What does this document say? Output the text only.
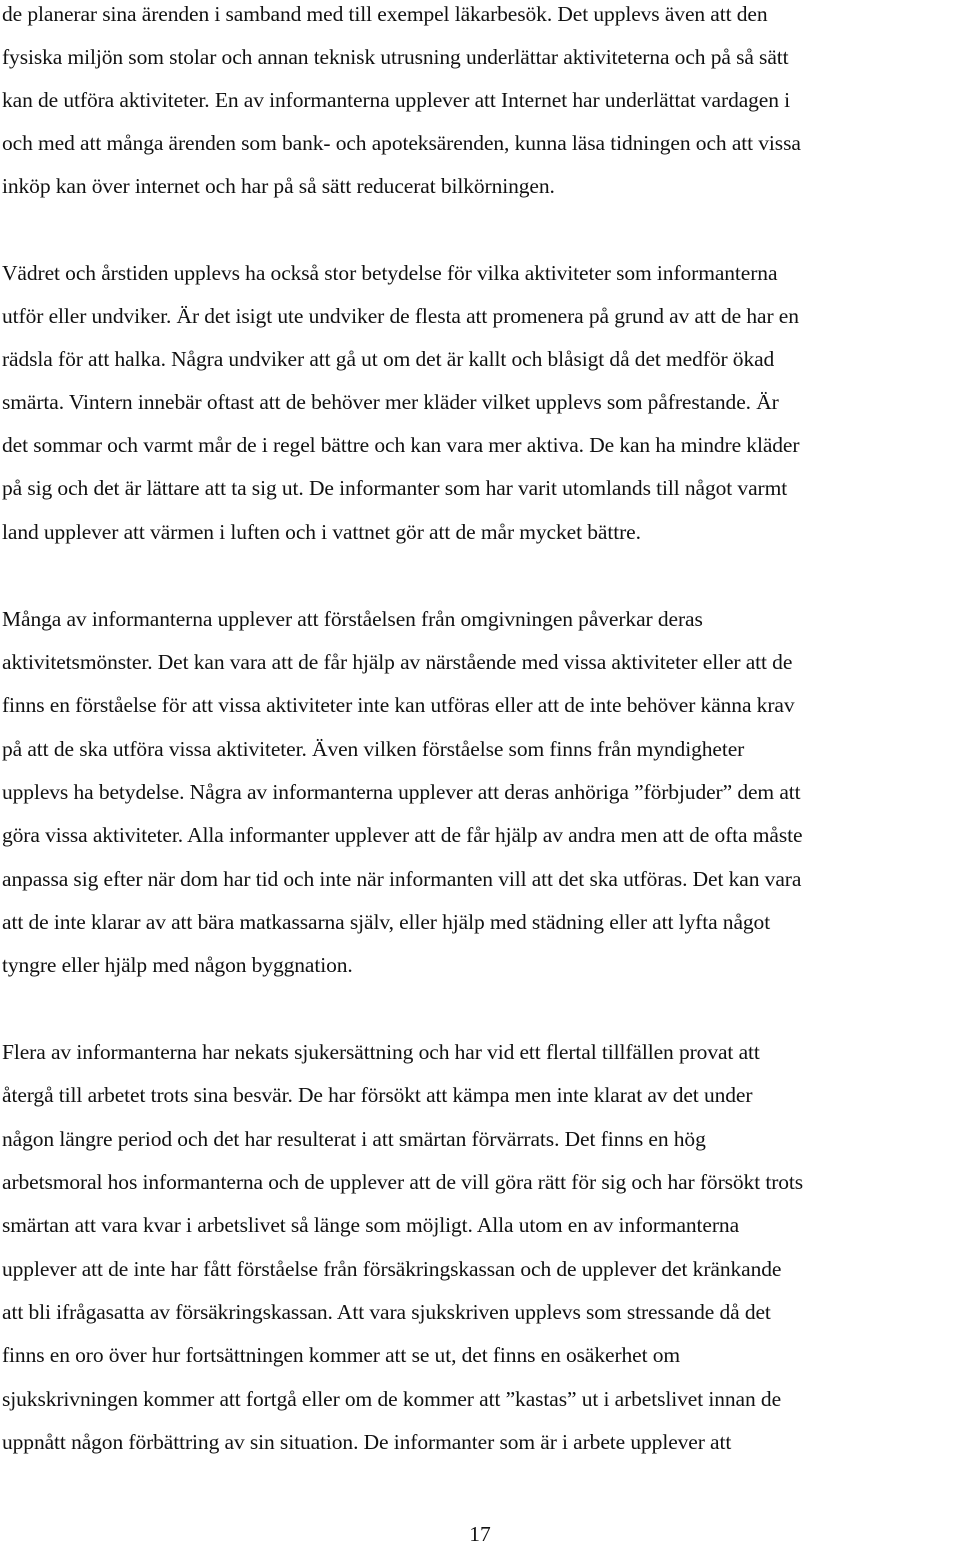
de planerar sina ärenden i samband med till exempel läkarbesök. Det upplevs även att den

fysiska miljön som stolar och annan teknisk utrusning underlättar aktiviteterna och på så sätt

kan de utföra aktiviteter. En av informanterna upplever att Internet har underlättat vardagen i

och med att många ärenden som bank- och apoteksärenden, kunna läsa tidningen och att vissa

inköp kan över internet och har på så sätt reducerat bilkörningen.

Vädret och årstiden upplevs ha också stor betydelse för vilka aktiviteter som informanterna

utför eller undviker. Är det isigt ute undviker de flesta att promenera på grund av att de har en

rädsla för att halka. Några undviker att gå ut om det är kallt och blåsigt då det medför ökad

smärta. Vintern innebär oftast att de behöver mer kläder vilket upplevs som påfrestande. Är

det sommar och varmt mår de i regel bättre och kan vara mer aktiva. De kan ha mindre kläder

på sig och det är lättare att ta sig ut. De informanter som har varit utomlands till något varmt

land upplever att värmen i luften och i vattnet gör att de mår mycket bättre.

Många av informanterna upplever att förståelsen från omgivningen påverkar deras

aktivitetsmönster. Det kan vara att de får hjälp av närstående med vissa aktiviteter eller att de

finns en förståelse för att vissa aktiviteter inte kan utföras eller att de inte behöver känna krav

på att de ska utföra vissa aktiviteter. Även vilken förståelse som finns från myndigheter

upplevs ha betydelse. Några av informanterna upplever att deras anhöriga ”förbjuder” dem att

göra vissa aktiviteter. Alla informanter upplever att de får hjälp av andra men att de ofta måste

anpassa sig efter när dom har tid och inte när informanten vill att det ska utföras. Det kan vara

att de inte klarar av att bära matkassarna själv, eller hjälp med städning eller att lyfta något

tyngre eller hjälp med någon byggnation.

Flera av informanterna har nekats sjukersättning och har vid ett flertal tillfällen provat att

återgå till arbetet trots sina besvär. De har försökt att kämpa men inte klarat av det under

någon längre period och det har resulterat i att smärtan förvärrats. Det finns en hög

arbetsmoral hos informanterna och de upplever att de vill göra rätt för sig och har försökt trots

smärtan att vara kvar i arbetslivet så länge som möjligt. Alla utom en av informanterna

upplever att de inte har fått förståelse från försäkringskassan och de upplever det kränkande

att bli ifrågasatta av försäkringskassan. Att vara sjukskriven upplevs som stressande då det

finns en oro över hur fortsättningen kommer att se ut, det finns en osäkerhet om

sjukskrivningen kommer att fortgå eller om de kommer att ”kastas” ut i arbetslivet innan de

uppnått någon förbättring av sin situation. De informanter som är i arbete upplever att

17
